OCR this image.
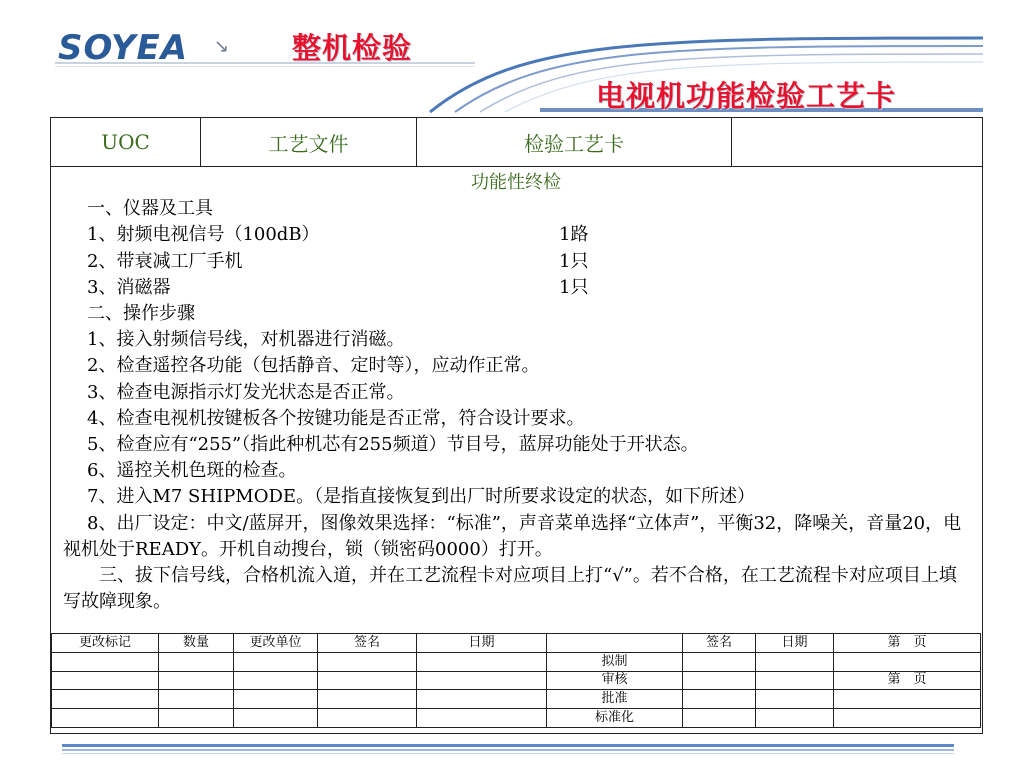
SOYEA ↘ 整机检验
电视机功能检验工艺卡
UOC	工艺文件	检验工艺卡
功能性终检
一、仪器及工具
1、射频电视信号（100dB）	1路
2、带衰减工厂手机	1只
3、消磁器	1只
二、操作步骤
1、接入射频信号线，对机器进行消磁。
2、检查遥控各功能（包括静音、定时等），应动作正常。
3、检查电源指示灯发光状态是否正常。
4、检查电视机按键板各个按键功能是否正常，符合设计要求。
5、检查应有“255”（指此种机芯有255频道）节目号，蓝屏功能处于开状态。
6、遥控关机色斑的检查。
7、进入M7 SHIPMODE。（是指直接恢复到出厂时所要求设定的状态，如下所述）
8、出厂设定：中文/蓝屏开，图像效果选择：“标准”，声音菜单选择“立体声”，平衡32，降噪关，音量20，电视机处于READY。开机自动搜台，锁（锁密码0000）打开。
三、拔下信号线，合格机流入道，并在工艺流程卡对应项目上打“√”。若不合格，在工艺流程卡对应项目上填写故障现象。
更改标记	数量	更改单位	签名	日期		签名	日期	第　页
					拟制			
					审核			第　页
					批准			
					标准化			
